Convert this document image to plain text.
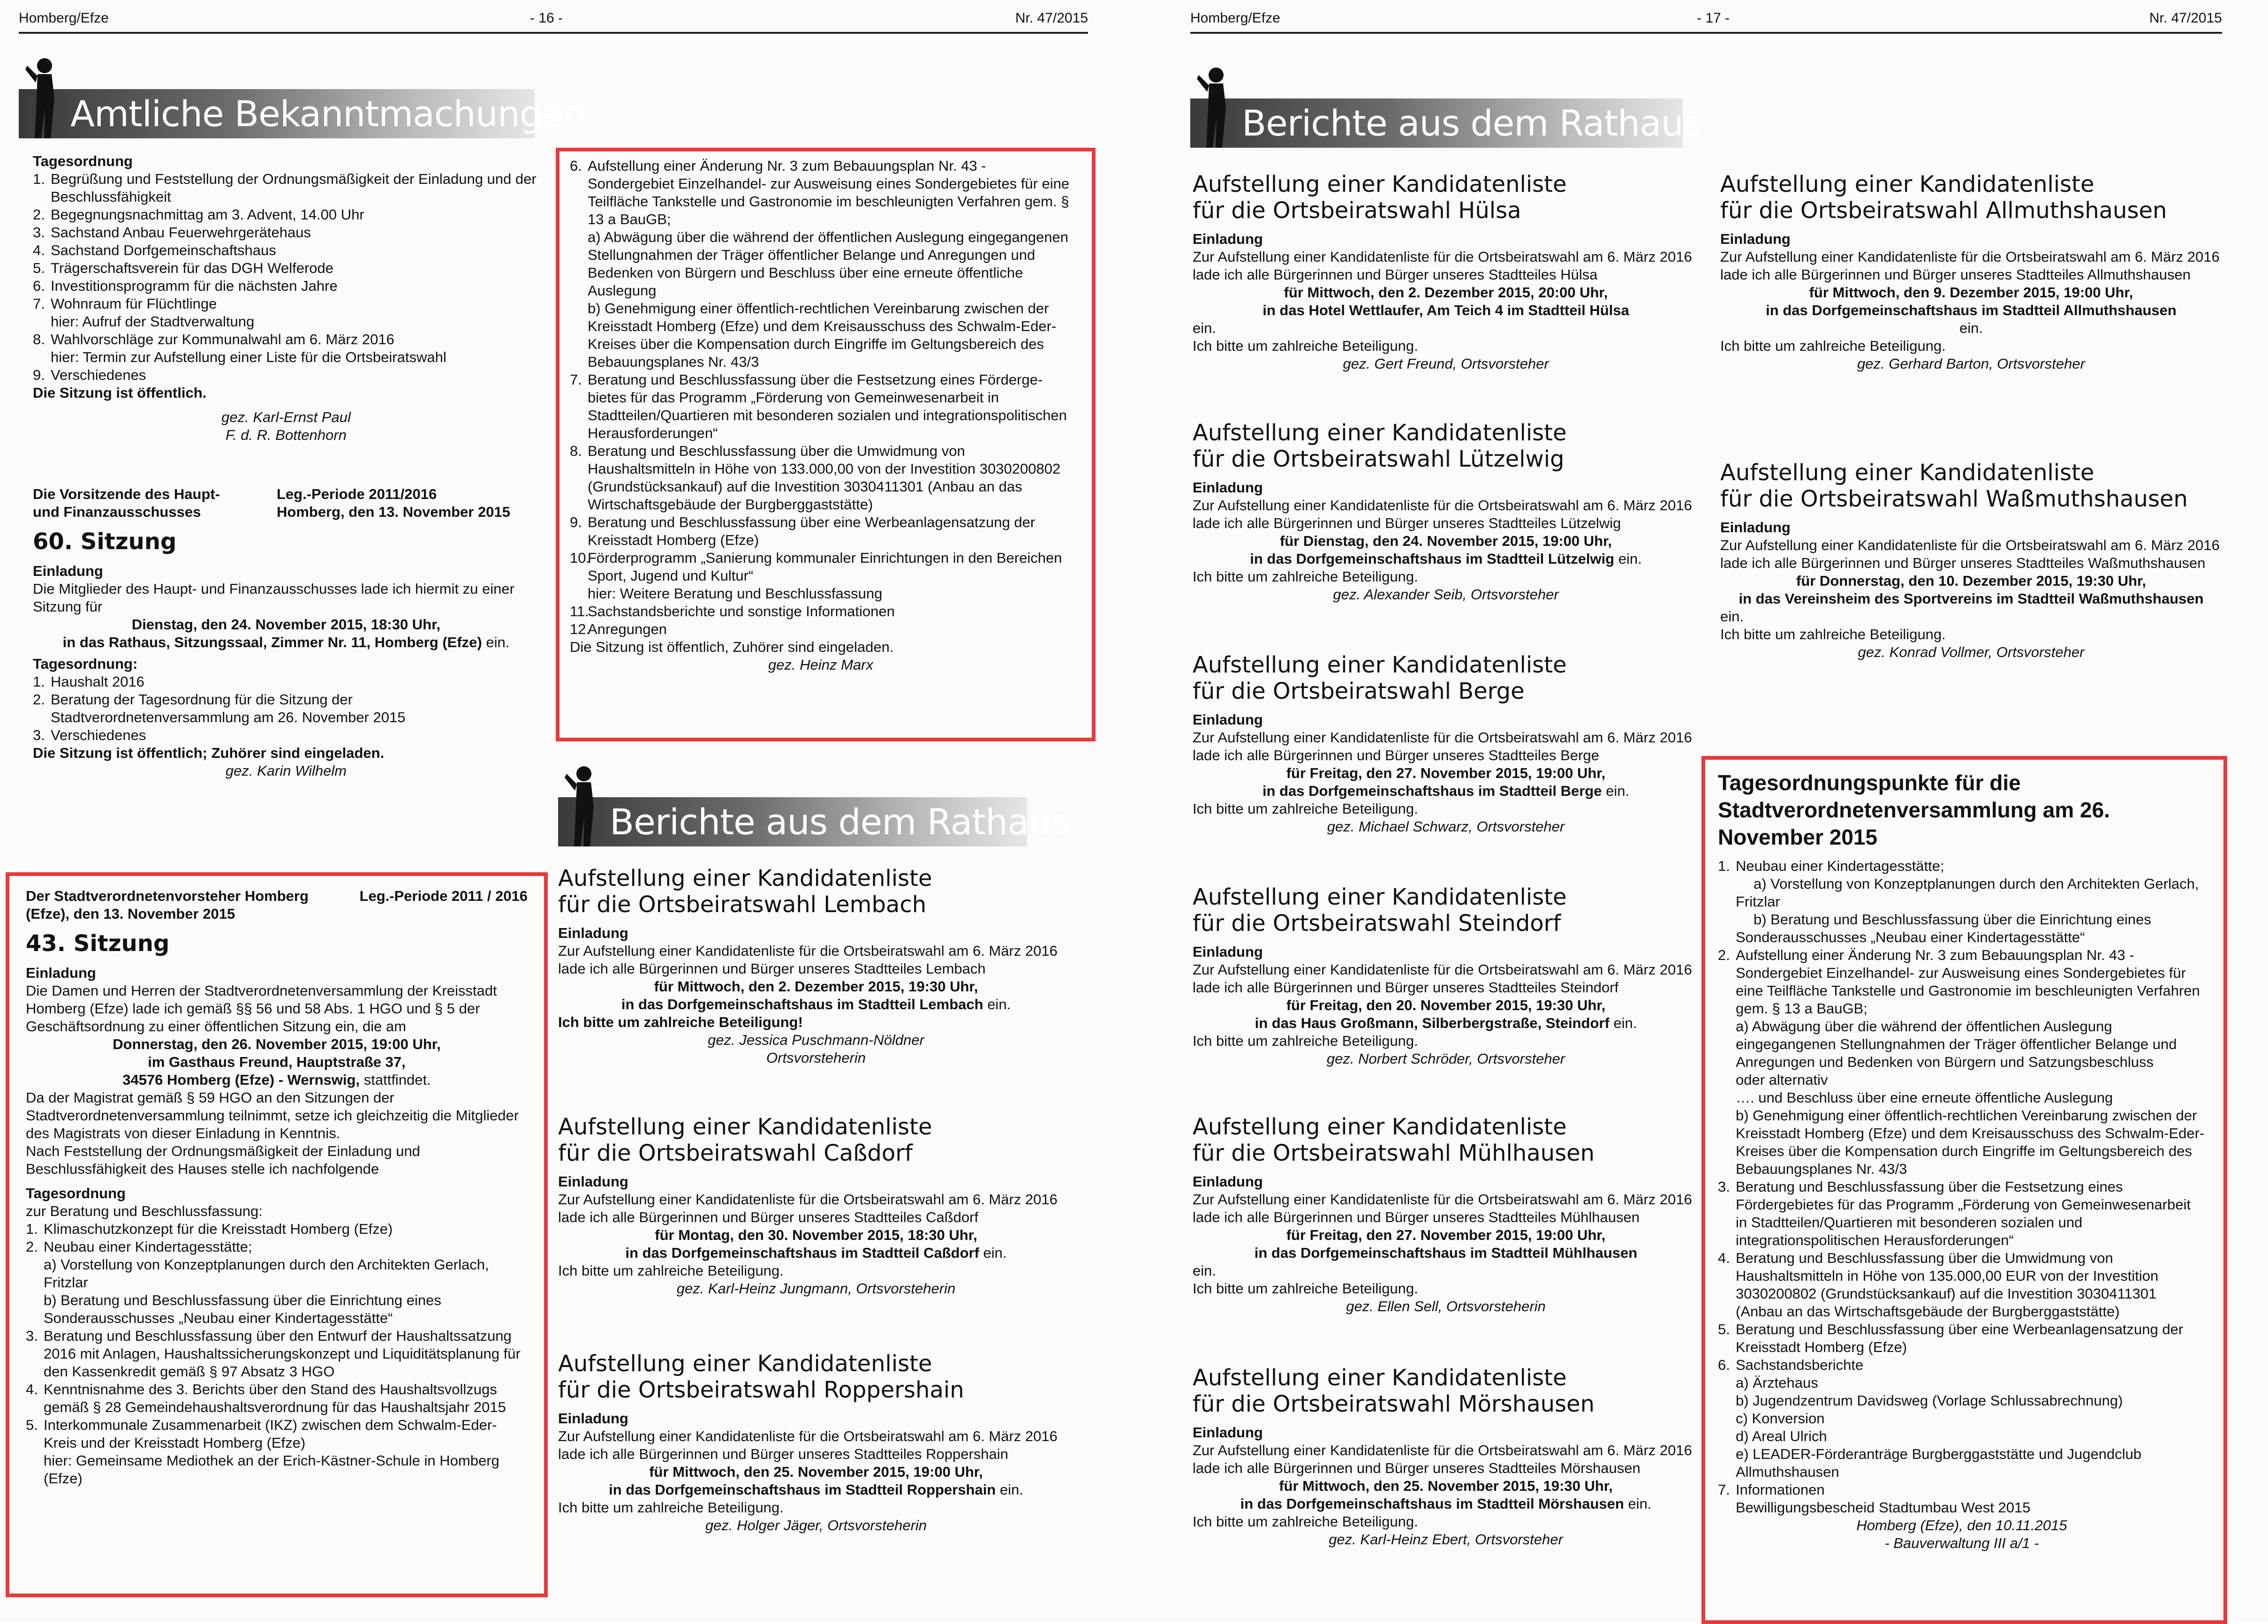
Homberg/Efze	- 16 -	Nr. 47/2015
Amtliche Bekanntmachungen

Tagesordnung

1. Begrüßung und Feststellung der Ordnungsmäßigkeit der Einladung und der Beschlussfähigkeit
2. Begegnungsnachmittag am 3. Advent, 14.00 Uhr
3. Sachstand Anbau Feuerwehrgerätehaus
4. Sachstand Dorfgemeinschaftshaus
5. Trägerschaftsverein für das DGH Welferode
6. Investitionsprogramm für die nächsten Jahre
7. Wohnraum für Flüchtlinge
hier: Aufruf der Stadtverwaltung
8. Wahlvorschläge zur Kommunalwahl am 6. März 2016
hier: Termin zur Aufstellung einer Liste für die Ortsbeiratswahl
9. Verschiedenes

Die Sitzung ist öffentlich.

gez. Karl-Ernst Paul

F. d. R. Bottenhorn

Die Vorsitzende des Haupt- und Finanzausschusses

Leg.-Periode 2011/2016

Homberg, den 13. November 2015

60. Sitzung

Einladung

Die Mitglieder des Haupt- und Finanzausschusses lade ich hiermit zu einer Sitzung für

Dienstag, den 24. November 2015, 18:30 Uhr,

in das Rathaus, Sitzungssaal, Zimmer Nr. 11, Homberg (Efze) ein.

Tagesordnung:

1. Haushalt 2016
2. Beratung der Tagesordnung für die Sitzung der Stadtverordnetenversammlung am 26. November 2015
3. Verschiedenes

Die Sitzung ist öffentlich; Zuhörer sind eingeladen.

gez. Karin Wilhelm

Der Stadtverordnetenvorsteher Homberg (Efze), den 13. November 2015

Leg.-Periode 2011 / 2016

43. Sitzung

Einladung

Die Damen und Herren der Stadtverordnetenversammlung der Kreisstadt Homberg (Efze) lade ich gemäß §§ 56 und 58 Abs. 1 HGO und § 5 der Geschäftsordnung zu einer öffentlichen Sitzung ein, die am

Donnerstag, den 26. November 2015, 19:00 Uhr,

im Gasthaus Freund, Hauptstraße 37,

34576 Homberg (Efze) - Wernswig, stattfindet.

Da der Magistrat gemäß § 59 HGO an den Sitzungen der Stadtverordnetenversammlung teilnimmt, setze ich gleichzeitig die Mitglieder des Magistrats von dieser Einladung in Kenntnis.

Nach Feststellung der Ordnungsmäßigkeit der Einladung und Beschlussfähigkeit des Hauses stelle ich nachfolgende

Tagesordnung

zur Beratung und Beschlussfassung:

1. Klimaschutzkonzept für die Kreisstadt Homberg (Efze)
2. Neubau einer Kindertagesstätte;
a) Vorstellung von Konzeptplanungen durch den Architekten Gerlach, Fritzlar
b) Beratung und Beschlussfassung über die Einrichtung eines Sonderausschusses „Neubau einer Kindertagesstätte“
3. Beratung und Beschlussfassung über den Entwurf der Haushaltssatzung 2016 mit Anlagen, Haushaltssicherungskonzept und Liquiditätsplanung für den Kassenkredit gemäß § 97 Absatz 3 HGO
4. Kenntnisnahme des 3. Berichts über den Stand des Haushaltsvollzugs gemäß § 28 Gemeindehaushaltsverordnung für das Haushaltsjahr 2015
5. Interkommunale Zusammenarbeit (IKZ) zwischen dem Schwalm-Eder-Kreis und der Kreisstadt Homberg (Efze)
hier: Gemeinsame Mediothek an der Erich-Kästner-Schule in Homberg (Efze)
6. Aufstellung einer Änderung Nr. 3 zum Bebauungsplan Nr. 43 -Sondergebiet Einzelhandel- zur Ausweisung eines Sondergebietes für eine Teilfläche Tankstelle und Gastronomie im beschleunigten Verfahren gem. § 13 a BauGB;
a) Abwägung über die während der öffentlichen Auslegung eingegangenen Stellungnahmen der Träger öffentlicher Belange und Anregungen und Bedenken von Bürgern und Beschluss über eine erneute öffentliche Auslegung
b) Genehmigung einer öffentlich-rechtlichen Vereinbarung zwischen der Kreisstadt Homberg (Efze) und dem Kreisausschuss des Schwalm-Eder-Kreises über die Kompensation durch Eingriffe im Geltungsbereich des Bebauungsplanes Nr. 43/3
7. Beratung und Beschlussfassung über die Festsetzung eines Förderge-bietes für das Programm „Förderung von Gemeinwesenarbeit in Stadtteilen/Quartieren mit besonderen sozialen und integrationspolitischen Herausforderungen“
8. Beratung und Beschlussfassung über die Umwidmung von Haushaltsmitteln in Höhe von 133.000,00 von der Investition 3030200802 (Grundstücksankauf) auf die Investition 3030411301 (Anbau an das Wirtschaftsgebäude der Burgberggaststätte)
9. Beratung und Beschlussfassung über eine Werbeanlagensatzung der Kreisstadt Homberg (Efze)
10.
Förderprogramm „Sanierung kommunaler Einrichtungen in den Bereichen Sport, Jugend und Kultur“
hier: Weitere Beratung und Beschlussfassung
11.
Sachstandsberichte und sonstige Informationen
12.
Anregungen

Die Sitzung ist öffentlich, Zuhörer sind eingeladen.

gez. Heinz Marx

Berichte aus dem Rathaus

Aufstellung einer Kandidatenliste

für die Ortsbeiratswahl Lembach

Einladung

Zur Aufstellung einer Kandidatenliste für die Ortsbeiratswahl am 6. März 2016 lade ich alle Bürgerinnen und Bürger unseres Stadtteiles Lembach

für Mittwoch, den 2. Dezember 2015, 19:30 Uhr,

in das Dorfgemeinschaftshaus im Stadtteil Lembach ein.

Ich bitte um zahlreiche Beteiligung!

gez. Jessica Puschmann-Nöldner

Ortsvorsteherin

Aufstellung einer Kandidatenliste

für die Ortsbeiratswahl Caßdorf

Einladung

Zur Aufstellung einer Kandidatenliste für die Ortsbeiratswahl am 6. März 2016 lade ich alle Bürgerinnen und Bürger unseres Stadtteiles Caßdorf

für Montag, den 30. November 2015, 18:30 Uhr,

in das Dorfgemeinschaftshaus im Stadtteil Caßdorf ein.

Ich bitte um zahlreiche Beteiligung.

gez. Karl-Heinz Jungmann, Ortsvorsteherin

Aufstellung einer Kandidatenliste

für die Ortsbeiratswahl Roppershain

Einladung

Zur Aufstellung einer Kandidatenliste für die Ortsbeiratswahl am 6. März 2016 lade ich alle Bürgerinnen und Bürger unseres Stadtteiles Roppershain

für Mittwoch, den 25. November 2015, 19:00 Uhr,

in das Dorfgemeinschaftshaus im Stadtteil Roppershain ein.

Ich bitte um zahlreiche Beteiligung.

gez. Holger Jäger, Ortsvorsteherin

Homberg/Efze	- 17 -	Nr. 47/2015
Berichte aus dem Rathaus

Aufstellung einer Kandidatenliste

für die Ortsbeiratswahl Hülsa

Einladung

Zur Aufstellung einer Kandidatenliste für die Ortsbeiratswahl am 6. März 2016 lade ich alle Bürgerinnen und Bürger unseres Stadtteiles Hülsa

für Mittwoch, den 2. Dezember 2015, 20:00 Uhr,

in das Hotel Wettlaufer, Am Teich 4 im Stadtteil Hülsa

ein.

Ich bitte um zahlreiche Beteiligung.

gez. Gert Freund, Ortsvorsteher

Aufstellung einer Kandidatenliste

für die Ortsbeiratswahl Lützelwig

Einladung

Zur Aufstellung einer Kandidatenliste für die Ortsbeiratswahl am 6. März 2016 lade ich alle Bürgerinnen und Bürger unseres Stadtteiles Lützelwig

für Dienstag, den 24. November 2015, 19:00 Uhr,

in das Dorfgemeinschaftshaus im Stadtteil Lützelwig ein.

Ich bitte um zahlreiche Beteiligung.

gez. Alexander Seib, Ortsvorsteher

Aufstellung einer Kandidatenliste

für die Ortsbeiratswahl Berge

Einladung

Zur Aufstellung einer Kandidatenliste für die Ortsbeiratswahl am 6. März 2016 lade ich alle Bürgerinnen und Bürger unseres Stadtteiles Berge

für Freitag, den 27. November 2015, 19:00 Uhr,

in das Dorfgemeinschaftshaus im Stadtteil Berge ein.

Ich bitte um zahlreiche Beteiligung.

gez. Michael Schwarz, Ortsvorsteher

Aufstellung einer Kandidatenliste

für die Ortsbeiratswahl Steindorf

Einladung

Zur Aufstellung einer Kandidatenliste für die Ortsbeiratswahl am 6. März 2016 lade ich alle Bürgerinnen und Bürger unseres Stadtteiles Steindorf

für Freitag, den 20. November 2015, 19:30 Uhr,

in das Haus Großmann, Silberbergstraße, Steindorf ein.

Ich bitte um zahlreiche Beteiligung.

gez. Norbert Schröder, Ortsvorsteher

Aufstellung einer Kandidatenliste

für die Ortsbeiratswahl Mühlhausen

Einladung

Zur Aufstellung einer Kandidatenliste für die Ortsbeiratswahl am 6. März 2016 lade ich alle Bürgerinnen und Bürger unseres Stadtteiles Mühlhausen

für Freitag, den 27. November 2015, 19:00 Uhr,

in das Dorfgemeinschaftshaus im Stadtteil Mühlhausen

ein.

Ich bitte um zahlreiche Beteiligung.

gez. Ellen Sell, Ortsvorsteherin

Aufstellung einer Kandidatenliste

für die Ortsbeiratswahl Mörshausen

Einladung

Zur Aufstellung einer Kandidatenliste für die Ortsbeiratswahl am 6. März 2016 lade ich alle Bürgerinnen und Bürger unseres Stadtteiles Mörshausen

für Mittwoch, den 25. November 2015, 19:30 Uhr,

in das Dorfgemeinschaftshaus im Stadtteil Mörshausen ein.

Ich bitte um zahlreiche Beteiligung.

gez. Karl-Heinz Ebert, Ortsvorsteher

Aufstellung einer Kandidatenliste

für die Ortsbeiratswahl Allmuthshausen

Einladung

Zur Aufstellung einer Kandidatenliste für die Ortsbeiratswahl am 6. März 2016 lade ich alle Bürgerinnen und Bürger unseres Stadtteiles Allmuthshausen

für Mittwoch, den 9. Dezember 2015, 19:00 Uhr,

in das Dorfgemeinschaftshaus im Stadtteil Allmuthshausen

ein.

Ich bitte um zahlreiche Beteiligung.

gez. Gerhard Barton, Ortsvorsteher

Aufstellung einer Kandidatenliste

für die Ortsbeiratswahl Waßmuthshausen

Einladung

Zur Aufstellung einer Kandidatenliste für die Ortsbeiratswahl am 6. März 2016 lade ich alle Bürgerinnen und Bürger unseres Stadtteiles Waßmuthshausen

für Donnerstag, den 10. Dezember 2015, 19:30 Uhr,

in das Vereinsheim des Sportvereins im Stadtteil Waßmuthshausen

ein.

Ich bitte um zahlreiche Beteiligung.

gez. Konrad Vollmer, Ortsvorsteher

Tagesordnungspunkte für die Stadtverordnetenversammlung am 26. November 2015

1. Neubau einer Kindertagesstätte;
a) Vorstellung von Konzeptplanungen durch den Architekten Gerlach, Fritzlar
b) Beratung und Beschlussfassung über die Einrichtung eines Sonderausschusses „Neubau einer Kindertagesstätte“
2. Aufstellung einer Änderung Nr. 3 zum Bebauungsplan Nr. 43 -Sondergebiet Einzelhandel- zur Ausweisung eines Sondergebietes für eine Teilfläche Tankstelle und Gastronomie im beschleunigten Verfahren gem. § 13 a BauGB;
a) Abwägung über die während der öffentlichen Auslegung eingegangenen Stellungnahmen der Träger öffentlicher Belange und Anregungen und Bedenken von Bürgern und Satzungsbeschluss
oder alternativ
…. und Beschluss über eine erneute öffentliche Auslegung
b) Genehmigung einer öffentlich-rechtlichen Vereinbarung zwischen der Kreisstadt Homberg (Efze) und dem Kreisausschuss des Schwalm-Eder-Kreises über die Kompensation durch Eingriffe im Geltungsbereich des Bebauungsplanes Nr. 43/3
3. Beratung und Beschlussfassung über die Festsetzung eines Fördergebietes für das Programm „Förderung von Gemeinwesenarbeit in Stadtteilen/Quartieren mit besonderen sozialen und integrationspolitischen Herausforderungen“
4. Beratung und Beschlussfassung über die Umwidmung von Haushaltsmitteln in Höhe von 135.000,00 EUR von der Investition 3030200802 (Grundstücksankauf) auf die Investition 3030411301 (Anbau an das Wirtschaftsgebäude der Burgberggaststätte)
5. Beratung und Beschlussfassung über eine Werbeanlagensatzung der Kreisstadt Homberg (Efze)
6. Sachstandsberichte
a) Ärztehaus
b) Jugendzentrum Davidsweg (Vorlage Schlussabrechnung)
c) Konversion
d) Areal Ulrich
e) LEADER-Förderanträge Burgberggaststätte und Jugendclub Allmuthshausen
7. Informationen
Bewilligungsbescheid Stadtumbau West 2015

Homberg (Efze), den 10.11.2015

- Bauverwaltung III a/1 -
